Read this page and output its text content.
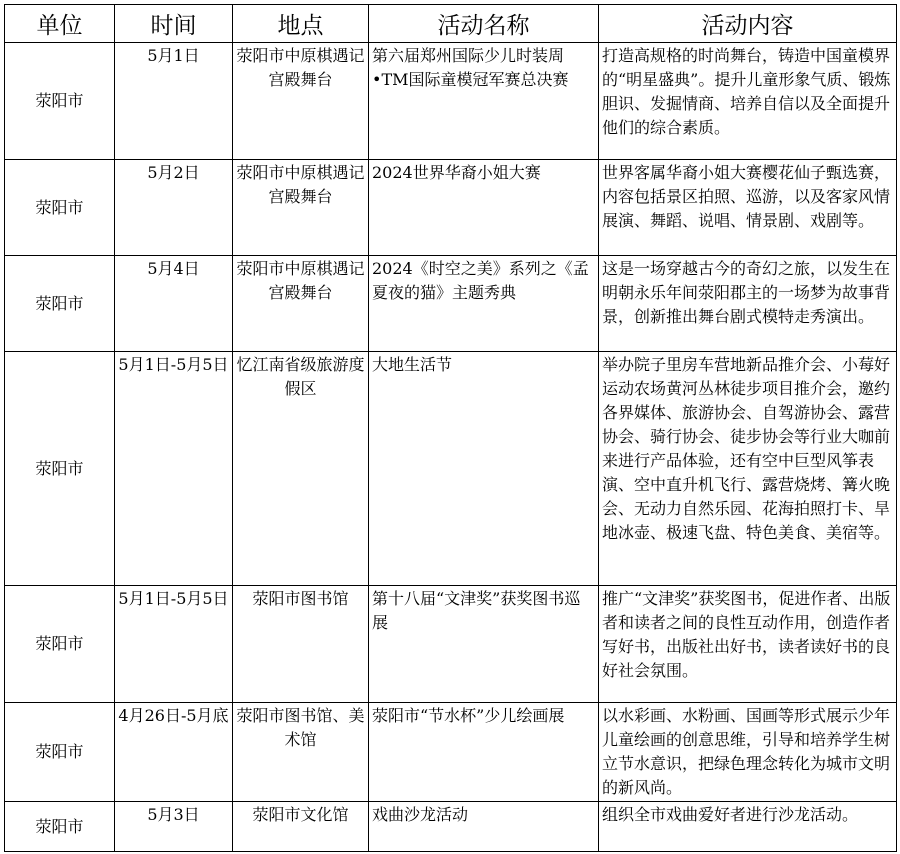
单位	时间	地点	活动名称	活动内容
荥阳市	5月1日	荥阳市中原棋遇记宫殿舞台	第六届郑州国际少儿时装周•TM国际童模冠军赛总决赛	打造高规格的时尚舞台，铸造中国童模界的“明星盛典”。提升儿童形象气质、锻炼胆识、发掘情商、培养自信以及全面提升他们的综合素质。
荥阳市	5月2日	荥阳市中原棋遇记宫殿舞台	2024世界华裔小姐大赛	世界客属华裔小姐大赛樱花仙子甄选赛，内容包括景区拍照、巡游，以及客家风情展演、舞蹈、说唱、情景剧、戏剧等。
荥阳市	5月4日	荥阳市中原棋遇记宫殿舞台	2024《时空之美》系列之《孟夏夜的猫》主题秀典	这是一场穿越古今的奇幻之旅，以发生在明朝永乐年间荥阳郡主的一场梦为故事背景，创新推出舞台剧式模特走秀演出。
荥阳市	5月1日-5月5日	忆江南省级旅游度假区	大地生活节	举办院子里房车营地新品推介会、小莓好运动农场黄河丛林徒步项目推介会，邀约各界媒体、旅游协会、自驾游协会、露营协会、骑行协会、徒步协会等行业大咖前来进行产品体验，还有空中巨型风筝表演、空中直升机飞行、露营烧烤、篝火晚会、无动力自然乐园、花海拍照打卡、旱地冰壶、极速飞盘、特色美食、美宿等。
荥阳市	5月1日-5月5日	荥阳市图书馆	第十八届“文津奖”获奖图书巡展	推广“文津奖”获奖图书，促进作者、出版者和读者之间的良性互动作用，创造作者写好书，出版社出好书，读者读好书的良好社会氛围。
荥阳市	4月26日-5月底	荥阳市图书馆、美术馆	荥阳市“节水杯”少儿绘画展	以水彩画、水粉画、国画等形式展示少年儿童绘画的创意思维，引导和培养学生树立节水意识，把绿色理念转化为城市文明的新风尚。
荥阳市	5月3日	荥阳市文化馆	戏曲沙龙活动	组织全市戏曲爱好者进行沙龙活动。
